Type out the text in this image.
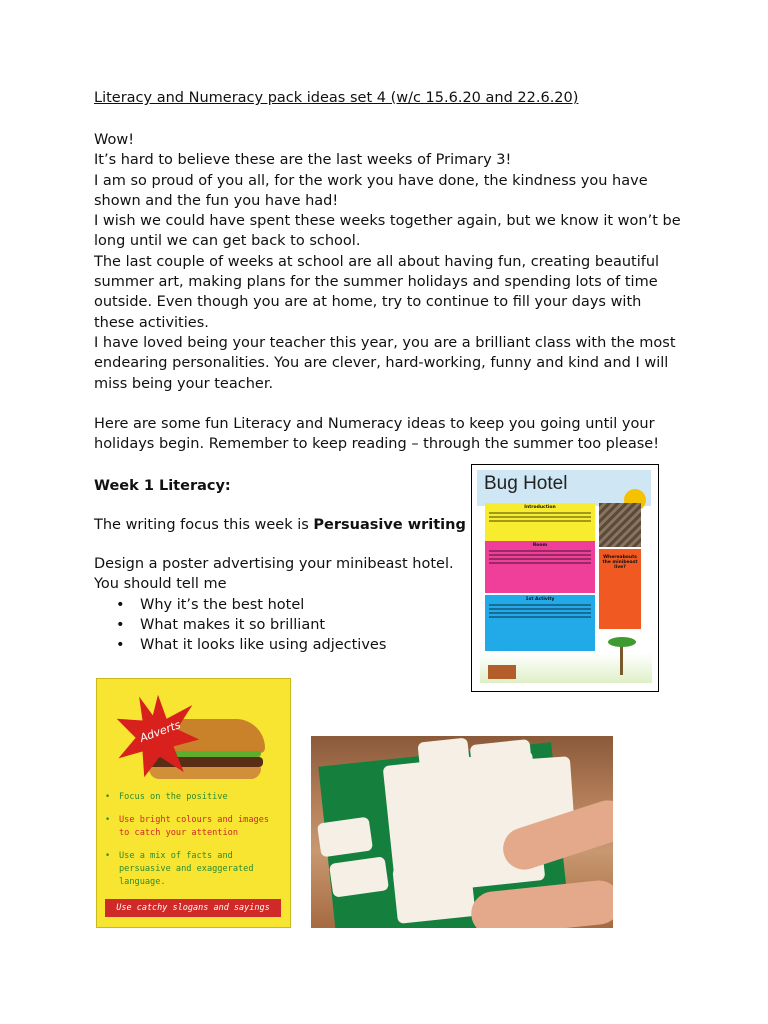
Literacy and Numeracy pack ideas set 4 (w/c 15.6.20 and 22.6.20)

Wow!

It’s hard to believe these are the last weeks of Primary 3!

I am so proud of you all, for the work you have done, the kindness you have shown and the fun you have had!

I wish we could have spent these weeks together again, but we know it won’t be long until we can get back to school.

The last couple of weeks at school are all about having fun, creating beautiful summer art, making plans for the summer holidays and spending lots of time outside. Even though you are at home, try to continue to fill your days with these activities.

I have loved being your teacher this year, you are a brilliant class with the most endearing personalities. You are clever, hard-working, funny and kind and I will miss being your teacher.

Here are some fun Literacy and Numeracy ideas to keep you going until your holidays begin. Remember to keep reading – through the summer too please!
Week 1 Literacy:
The writing focus this week is Persuasive writing
Design a poster advertising your minibeast hotel.
You should tell me
• Why it’s the best hotel
• What makes it so brilliant
• What it looks like using adjectives
Bug Hotel
Introduction
Room
1st Activity
Whereabouts the minibeast live?
Adverts
• Focus on the positive
• Use bright colours and images to catch your attention
• Use a mix of facts and persuasive and exaggerated language.
Use catchy slogans and sayings
